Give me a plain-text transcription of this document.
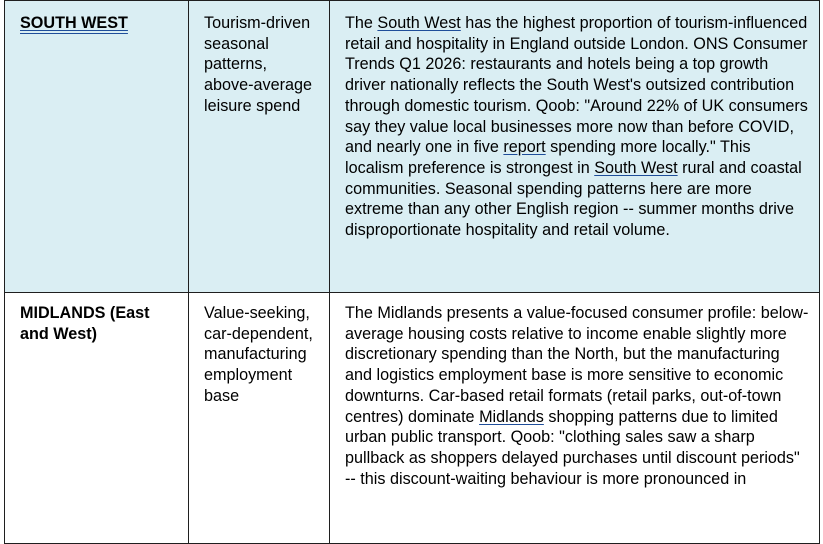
SOUTH WEST	Tourism-driven seasonal patterns, above-average leisure spend	The South West has the highest proportion of tourism-influenced retail and hospitality in England outside London. ONS Consumer Trends Q1 2026: restaurants and hotels being a top growth driver nationally reflects the South West's outsized contribution through domestic tourism. Qoob: "Around 22% of UK consumers say they value local businesses more now than before COVID, and nearly one in five report spending more locally." This localism preference is strongest in South West rural and coastal communities. Seasonal spending patterns here are more extreme than any other English region -- summer months drive disproportionate hospitality and retail volume.
MIDLANDS (East and West)	Value-seeking, car-dependent, manufacturing employment base	The Midlands presents a value-focused consumer profile: below-average housing costs relative to income enable slightly more discretionary spending than the North, but the manufacturing and logistics employment base is more sensitive to economic downturns. Car-based retail formats (retail parks, out-of-town centres) dominate Midlands shopping patterns due to limited urban public transport. Qoob: "clothing sales saw a sharp pullback as shoppers delayed purchases until discount periods" -- this discount-waiting behaviour is more pronounced in
